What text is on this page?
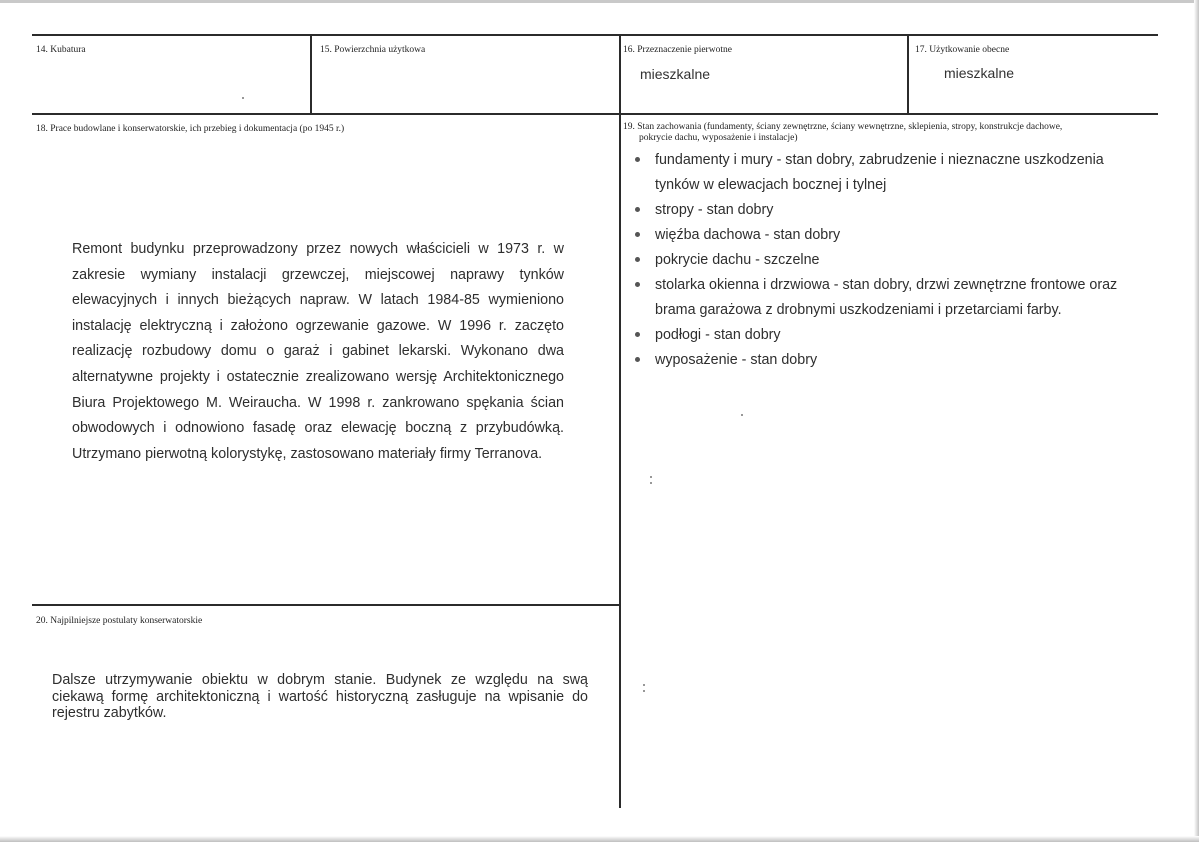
14. Kubatura	15. Powierzchnia użytkowa	16. Przeznaczenie pierwotne
mieszkalne
17. Użytkowanie obecne
mieszkalne
18. Prace budowlane i konserwatorskie, ich przebieg i dokumentacja (po 1945 r.)

Remont budynku przeprowadzony przez nowych właścicieli w 1973 r. w zakresie wymiany instalacji grzewczej, miejscowej naprawy tynków elewacyjnych i innych bieżących napraw. W latach 1984-85 wymieniono instalację elektryczną i założono ogrzewanie gazowe. W 1996 r. zaczęto realizację rozbudowy domu o garaż i gabinet lekarski. Wykonano dwa alternatywne projekty i ostatecznie zrealizowano wersję Architektonicznego Biura Projektowego M. Weiraucha. W 1998 r. zankrowano spękania ścian obwodowych i odnowiono fasadę oraz elewację boczną z przybudówką. Utrzymano pierwotną kolorystykę, zastosowano materiały firmy Terranova.

19. Stan zachowania (fundamenty, ściany zewnętrzne, ściany wewnętrzne, sklepienia, stropy, konstrukcje dachowe,
pokrycie dachu, wyposażenie i instalacje)
fundamenty i mury - stan dobry, zabrudzenie i nieznaczne uszkodzenia tynków w elewacjach bocznej i tylnej
stropy - stan dobry
więźba dachowa - stan dobry
pokrycie dachu - szczelne
stolarka okienna i drzwiowa - stan dobry, drzwi zewnętrzne frontowe oraz brama garażowa z drobnymi uszkodzeniami i przetarciami farby.
podłogi - stan dobry
wyposażenie - stan dobry
20. Najpilniejsze postulaty konserwatorskie

Dalsze utrzymywanie obiektu w dobrym stanie. Budynek ze względu na swą ciekawą formę architektoniczną i wartość historyczną zasługuje na wpisanie do rejestru zabytków.
